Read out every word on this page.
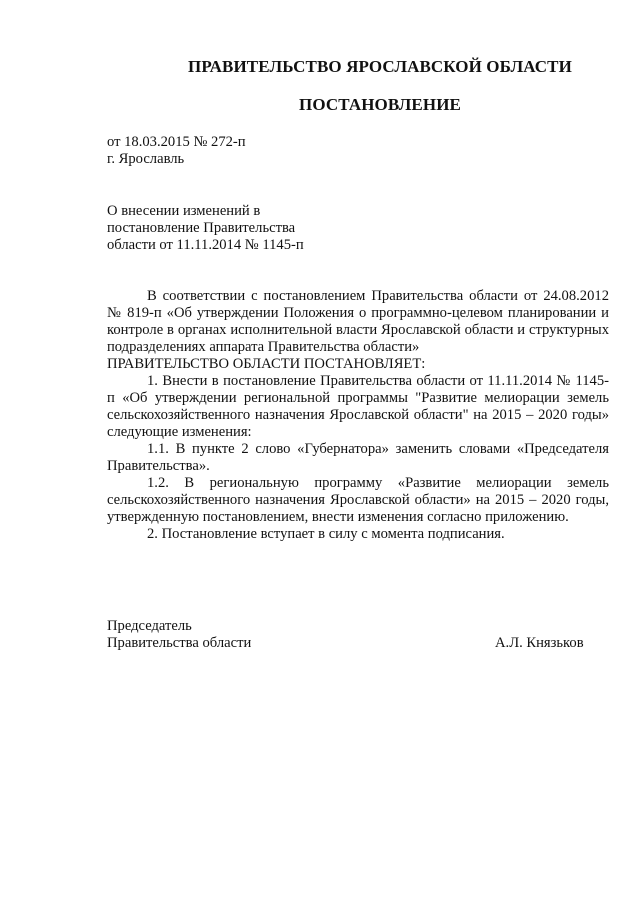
ПРАВИТЕЛЬСТВО ЯРОСЛАВСКОЙ ОБЛАСТИ
ПОСТАНОВЛЕНИЕ
от 18.03.2015 № 272-п
г. Ярославль
О внесении изменений в
постановление Правительства
области от 11.11.2014 № 1145-п

В соответствии с постановлением Правительства области от 24.08.2012 № 819-п «Об утверждении Положения о программно-целевом планировании и контроле в органах исполнительной власти Ярославской области и структурных подразделениях аппарата Правительства области»

ПРАВИТЕЛЬСТВО ОБЛАСТИ ПОСТАНОВЛЯЕТ:

1. Внести в постановление Правительства области от 11.11.2014 № 1145-п «Об утверждении региональной программы "Развитие мелиорации земель сельскохозяйственного назначения Ярославской области" на 2015 – 2020 годы» следующие изменения:

1.1. В пункте 2 слово «Губернатора» заменить словами «Председателя Правительства».

1.2. В региональную программу «Развитие мелиорации земель сельскохозяйственного назначения Ярославской области» на 2015 – 2020 годы, утвержденную постановлением, внести изменения согласно приложению.

2. Постановление вступает в силу с момента подписания.

Председатель
Правительства области	А.Л. Князьков
